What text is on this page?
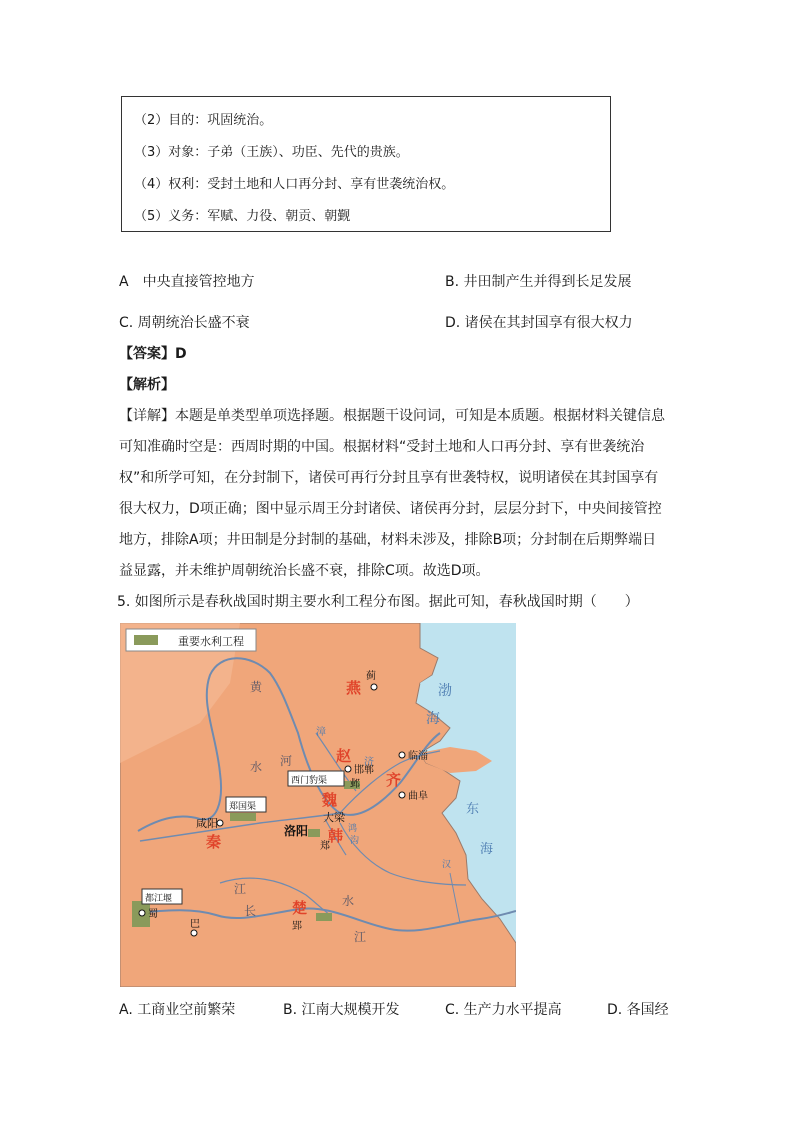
（2）目的：巩固统治。

（3）对象：子弟（王族）、功臣、先代的贵族。

（4）权利：受封土地和人口再分封、享有世袭统治权。

（5）义务：军赋、力役、朝贡、朝觐

A　中央直接管控地方	B. 井田制产生并得到长足发展
C. 周朝统治长盛不衰	D. 诸侯在其封国享有很大权力
【答案】D
【解析】
【详解】本题是单类型单项选择题。根据题干设问词，可知是本质题。根据材料关键信息
可知准确时空是：西周时期的中国。根据材料“受封土地和人口再分封、享有世袭统治
权”和所学可知，在分封制下，诸侯可再行分封且享有世袭特权，说明诸侯在其封国享有
很大权力，D项正确；图中显示周王分封诸侯、诸侯再分封，层层分封下，中央间接管控
地方，排除A项；井田制是分封制的基础，材料未涉及，排除B项；分封制在后期弊端日
益显露，并未维护周朝统治长盛不衰，排除C项。故选D项。
5. 如图所示是春秋战国时期主要水利工程分布图。据此可知，春秋战国时期（　　）
重要水利工程
西门豹渠
郑国渠
都江堰
燕
赵
齐
魏
韩
秦
楚
蓟
邯郸
邺
临淄
曲阜
大梁
洛阳
郑
咸阳
蜀
巴	郢
黄
河
水
漳
济
渤
海
东
海
江
长
水
江
鸿
沟
汉
A. 工商业空前繁荣	B. 江南大规模开发	C. 生产力水平提高	D. 各国经
